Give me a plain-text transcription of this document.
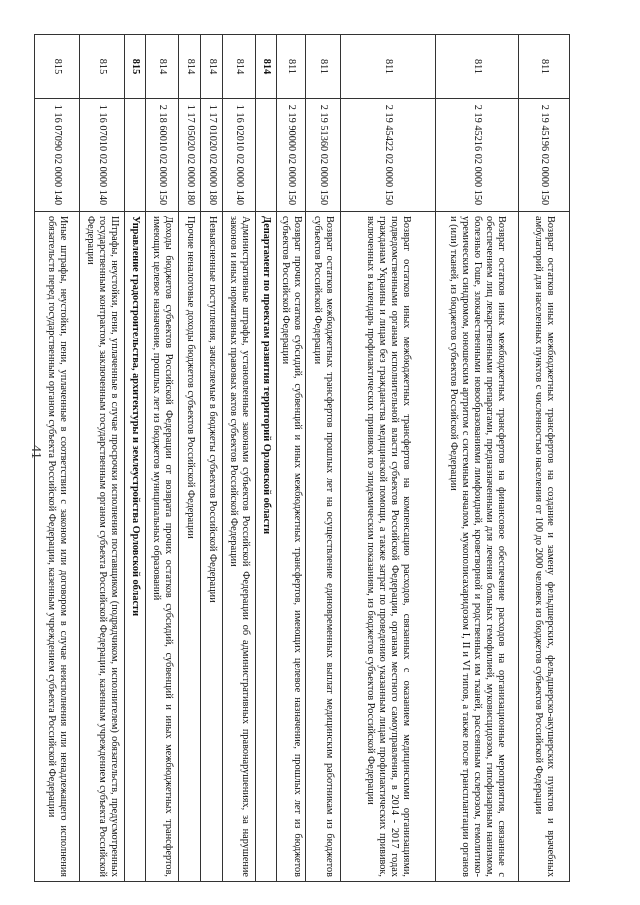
41
811	2 19 45196 02 0000 150	Возврат остатков иных межбюджетных трансфертов на создание и замену фельдшерских, фельдшерско-акушерских пунктов и врачебных амбулаторий для населенных пунктов с численностью населения от 100 до 2000 человек из бюджетов субъектов Российской Федерации
811	2 19 45216 02 0000 150	Возврат остатков иных межбюджетных трансфертов на финансовое обеспечение расходов на организационные мероприятия, связанные с обеспечением лиц лекарственными препаратами, предназначенными для лечения больных гемофилией, муковисцидозом, гипофизарным нанизмом, болезнью Гоше, злокачественными новообразованиями лимфоидной, кроветворной и родственных им тканей, рассеянным склерозом, гемолитико-уремическим синдромом, юношеским артритом с системным началом, мукополисахаридозом I, II и VI типов, а также после трансплантации органов и (или) тканей, из бюджетов субъектов Российской Федерации
811	2 19 45422 02 0000 150	Возврат остатков иных межбюджетных трансфертов на компенсацию расходов, связанных с оказанием медицинскими организациями, подведомственными органам исполнительной власти субъектов Российской Федерации, органам местного самоуправления, в 2014 - 2017 годах гражданам Украины и лицам без гражданства медицинской помощи, а также затрат по проведению указанным лицам профилактических прививок, включенных в календарь профилактических прививок по эпидемическим показаниям, из бюджетов субъектов Российской Федерации
811	2 19 51360 02 0000 150	Возврат остатков межбюджетных трансфертов прошлых лет на осуществление единовременных выплат медицинским работникам из бюджетов субъектов Российской Федерации
811	2 19 90000 02 0000 150	Возврат прочих остатков субсидий, субвенций и иных межбюджетных трансфертов, имеющих целевое назначение, прошлых лет из бюджетов субъектов Российской Федерации
814		Департамент по проектам развития территорий Орловской области
814	1 16 02010 02 0000 140	Административные штрафы, установленные законами субъектов Российской Федерации об административных правонарушениях, за нарушение законов и иных нормативных правовых актов субъектов Российской Федерации
814	1 17 01020 02 0000 180	Невыясненные поступления, зачисляемые в бюджеты субъектов Российской Федерации
814	1 17 05020 02 0000 180	Прочие неналоговые доходы бюджетов субъектов Российской Федерации
814	2 18 60010 02 0000 150	Доходы бюджетов субъектов Российской Федерации от возврата прочих остатков субсидий, субвенций и иных межбюджетных трансфертов, имеющих целевое назначение, прошлых лет из бюджетов муниципальных образований
815		Управление градостроительства, архитектуры и землеустройства Орловской области
815	1 16 07010 02 0000 140	Штрафы, неустойки, пени, уплаченные в случае просрочки исполнения поставщиком (подрядчиком, исполнителем) обязательств, предусмотренных государственным контрактом, заключенным государственным органом субъекта Российской Федерации, казенным учреждением субъекта Российской Федерации
815	1 16 07090 02 0000 140	Иные штрафы, неустойки, пени, уплаченные в соответствии с законом или договором в случае неисполнения или ненадлежащего исполнения обязательств перед государственным органом субъекта Российской Федерации, казенным учреждением субъекта Российской Федерации
